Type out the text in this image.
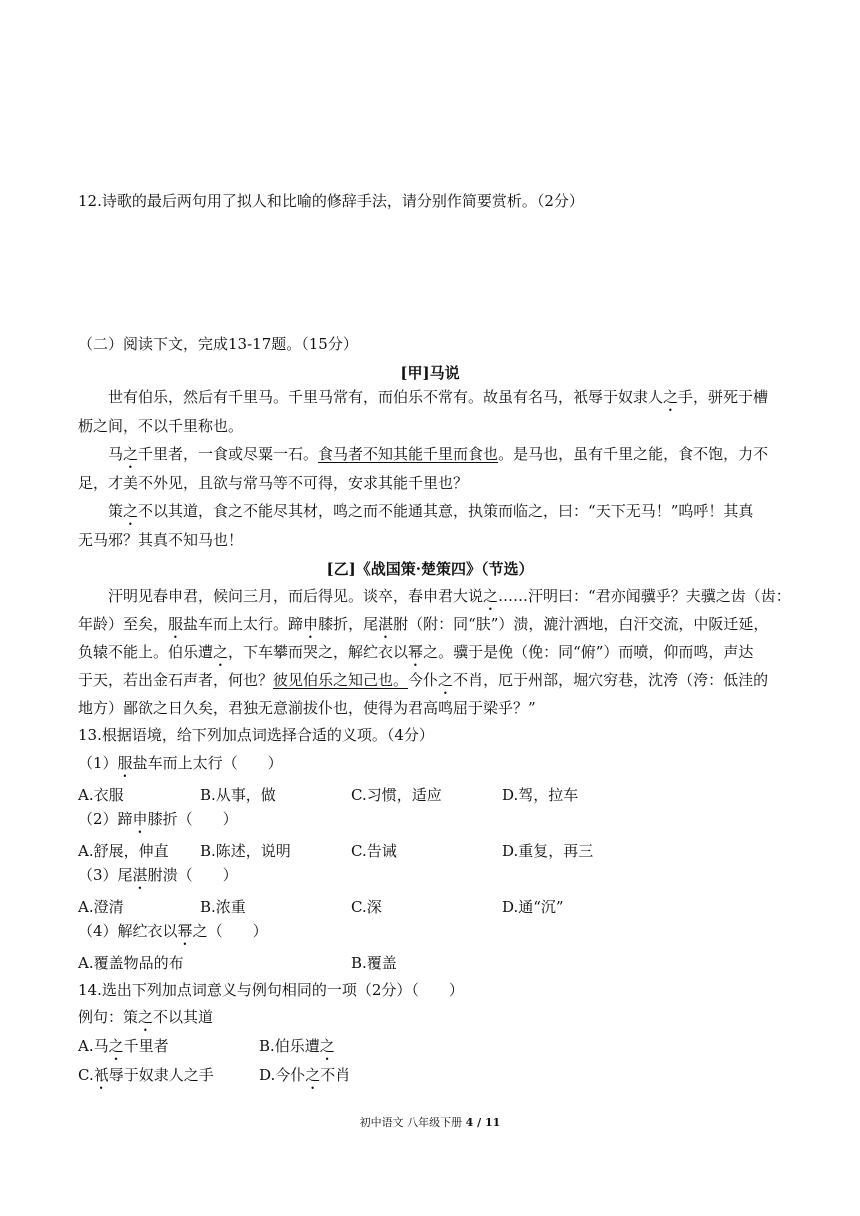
12.诗歌的最后两句用了拟人和比喻的修辞手法，请分别作简要赏析。（2分）
（二）阅读下文，完成13-17题。（15分）
[甲]马说
世有伯乐，然后有千里马。千里马常有，而伯乐不常有。故虽有名马，衹辱于奴隶人之手，骈死于槽
枥之间，不以千里称也。
马之千里者，一食或尽粟一石。食马者不知其能千里而食也。是马也，虽有千里之能，食不饱，力不
足，才美不外见，且欲与常马等不可得，安求其能千里也？
策之不以其道，食之不能尽其材，鸣之而不能通其意，执策而临之，曰：“天下无马！”呜呼！其真
无马邪？其真不知马也！
[乙]《战国策·楚策四》（节选）
汗明见春申君，候问三月，而后得见。谈卒，春申君大说之……汗明曰：“君亦闻骥乎？夫骥之齿（齿：
年龄）至矣，服盐车而上太行。蹄申膝折，尾湛胕（附：同“肤”）溃，漉汁洒地，白汗交流，中阪迁延，
负辕不能上。伯乐遭之，下车攀而哭之，解纻衣以幂之。骥于是俛（俛：同“俯”）而喷，仰而鸣，声达
于天，若出金石声者，何也？彼见伯乐之知己也。今仆之不肖，厄于州部，堀穴穷巷，沈洿（洿：低洼的
地方）鄙欲之日久矣，君独无意湔拔仆也，使得为君高鸣屈于梁乎？”
13.根据语境，给下列加点词选择合适的义项。（4分）
（1）服盐车而上太行（　　）
A.衣服	B.从事，做	C.习惯，适应	D.驾，拉车
（2）蹄申膝折（　　）
A.舒展，伸直 B.陈述，说明	C.告诫	D.重复，再三
（3）尾湛胕溃（　　）
A.澄清	B.浓重	C.深	D.通“沉”
（4）解纻衣以幂之（　　）
A.覆盖物品的布	B.覆盖
14.选出下列加点词意义与例句相同的一项（2分）（　　）
例句：策之不以其道
A.马之千里者	B.伯乐遭之
C.衹辱于奴隶人之手	D.今仆之不肖
初中语文 八年级下册 4 / 11
